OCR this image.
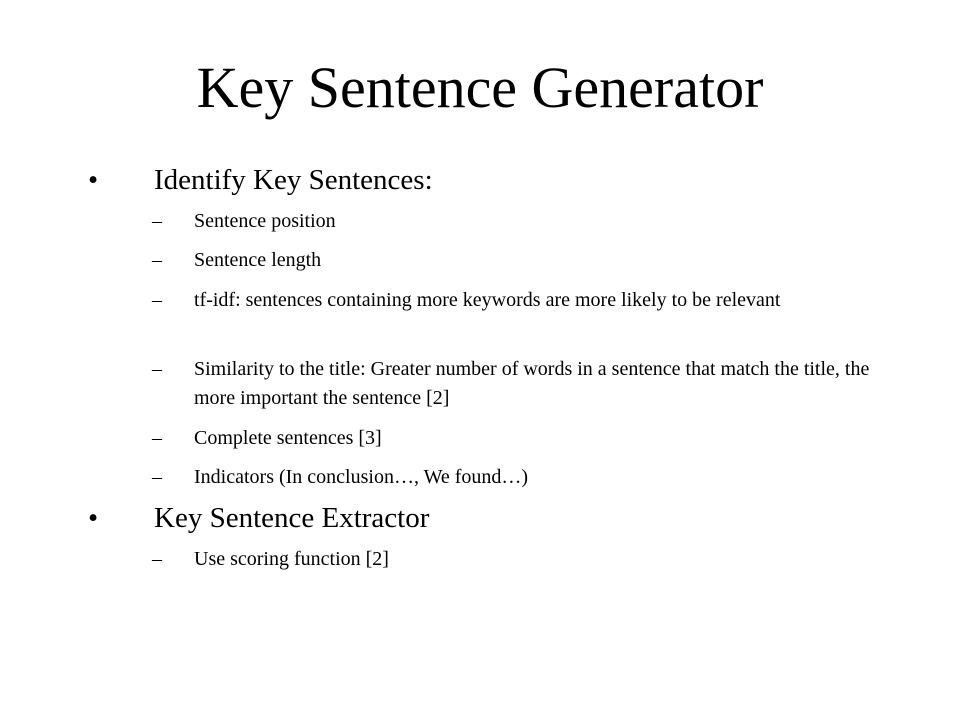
Key Sentence Generator
• Identify Key Sentences:
– Sentence position
– Sentence length
– tf-idf: sentences containing more keywords are more likely to be relevant
– Similarity to the title: Greater number of words in a sentence that match the title, the more important the sentence [2]
– Complete sentences [3]
– Indicators (In conclusion…, We found…)
• Key Sentence Extractor
– Use scoring function [2]
